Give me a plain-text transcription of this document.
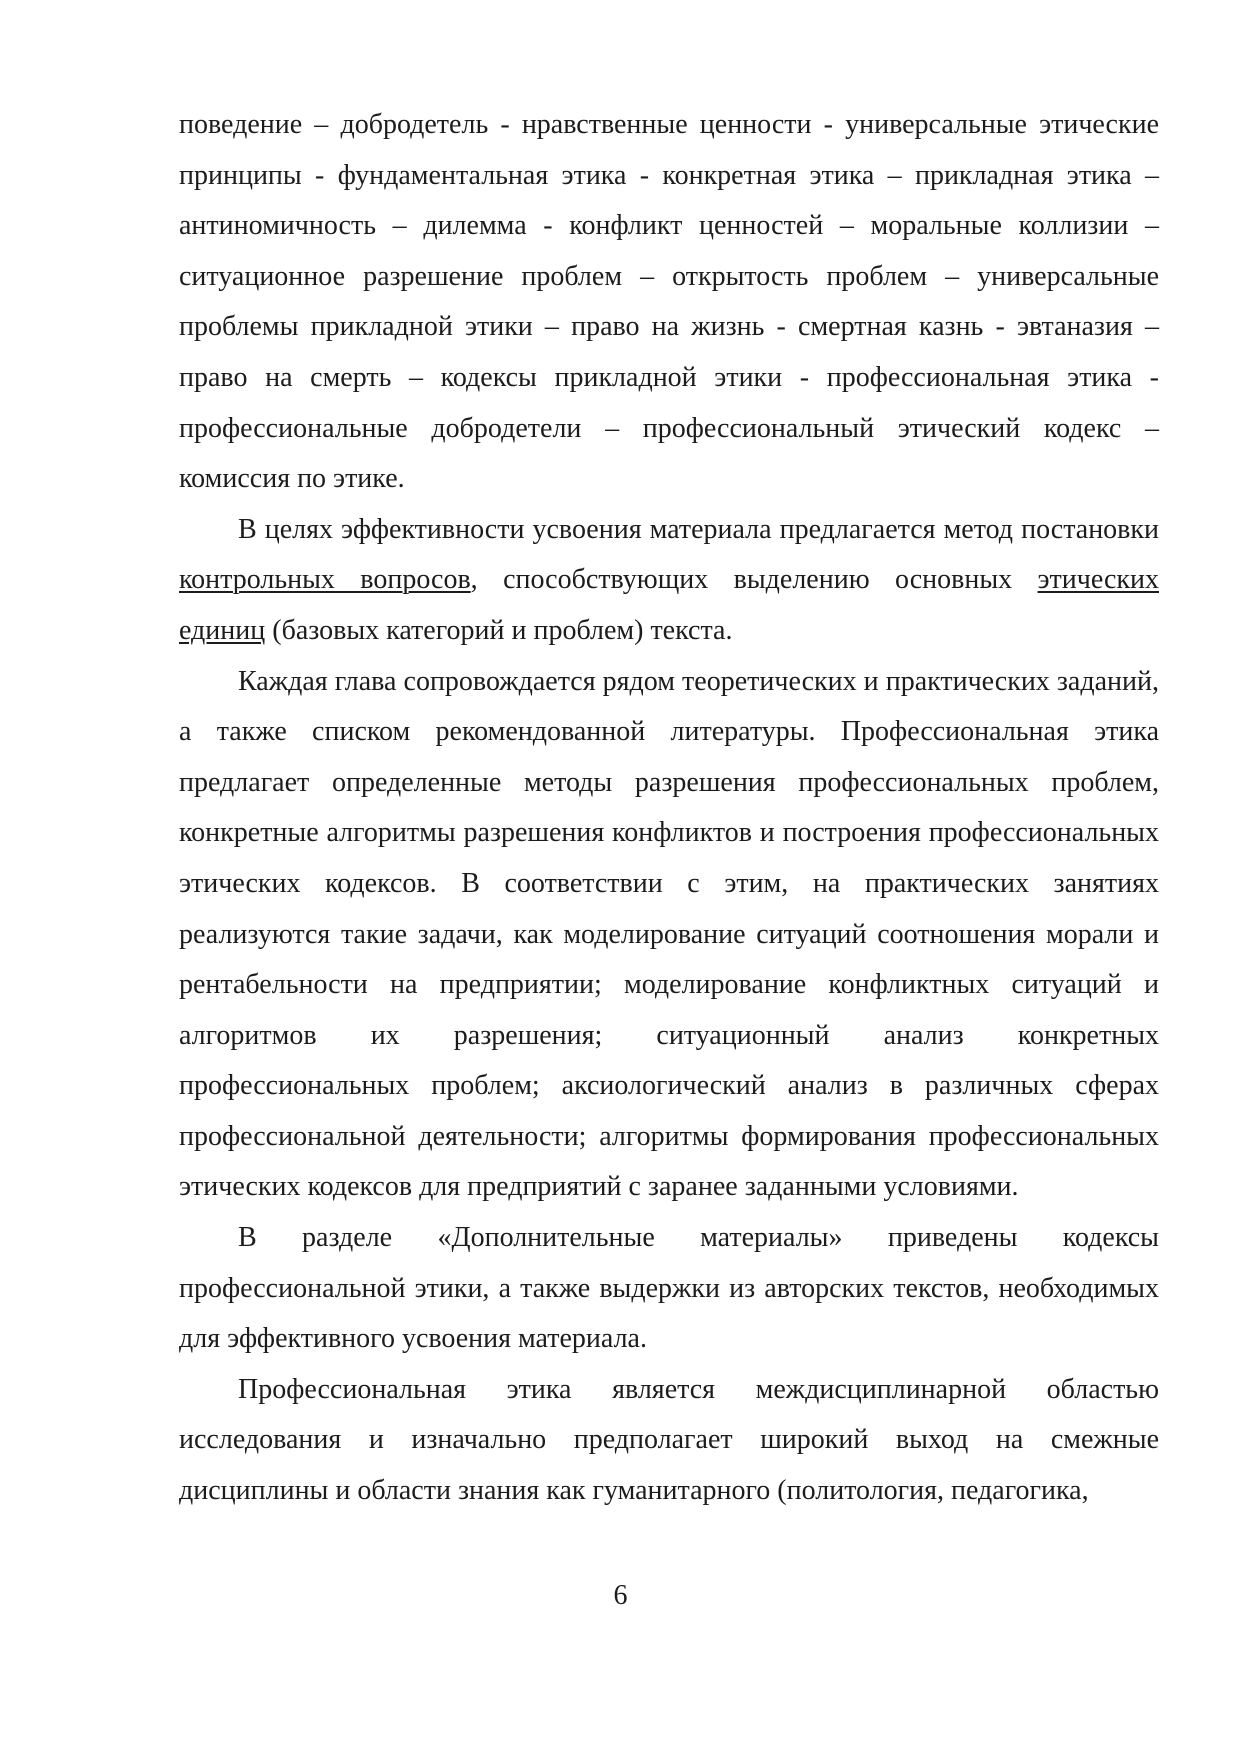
поведение – добродетель - нравственные ценности - универсальные этические принципы - фундаментальная этика - конкретная этика – прикладная этика – антиномичность – дилемма - конфликт ценностей – моральные коллизии – ситуационное разрешение проблем – открытость проблем – универсальные проблемы прикладной этики – право на жизнь - смертная казнь - эвтаназия – право на смерть – кодексы прикладной этики - профессиональная этика - профессиональные добродетели – профессиональный этический кодекс – комиссия по этике.

В целях эффективности усвоения материала предлагается метод постановки контрольных вопросов, способствующих выделению основных этических единиц (базовых категорий и проблем) текста.

Каждая глава сопровождается рядом теоретических и практических заданий, а также списком рекомендованной литературы. Профессиональная этика предлагает определенные методы разрешения профессиональных проблем, конкретные алгоритмы разрешения конфликтов и построения профессиональных этических кодексов. В соответствии с этим, на практических занятиях реализуются такие задачи, как моделирование ситуаций соотношения морали и рентабельности на предприятии; моделирование конфликтных ситуаций и алгоритмов их разрешения; ситуационный анализ конкретных профессиональных проблем; аксиологический анализ в различных сферах профессиональной деятельности; алгоритмы формирования профессиональных этических кодексов для предприятий с заранее заданными условиями.

В разделе «Дополнительные материалы» приведены кодексы профессиональной этики, а также выдержки из авторских текстов, необходимых для эффективного усвоения материала.

Профессиональная этика является междисциплинарной областью исследования и изначально предполагает широкий выход на смежные дисциплины и области знания как гуманитарного (политология, педагогика,

6
